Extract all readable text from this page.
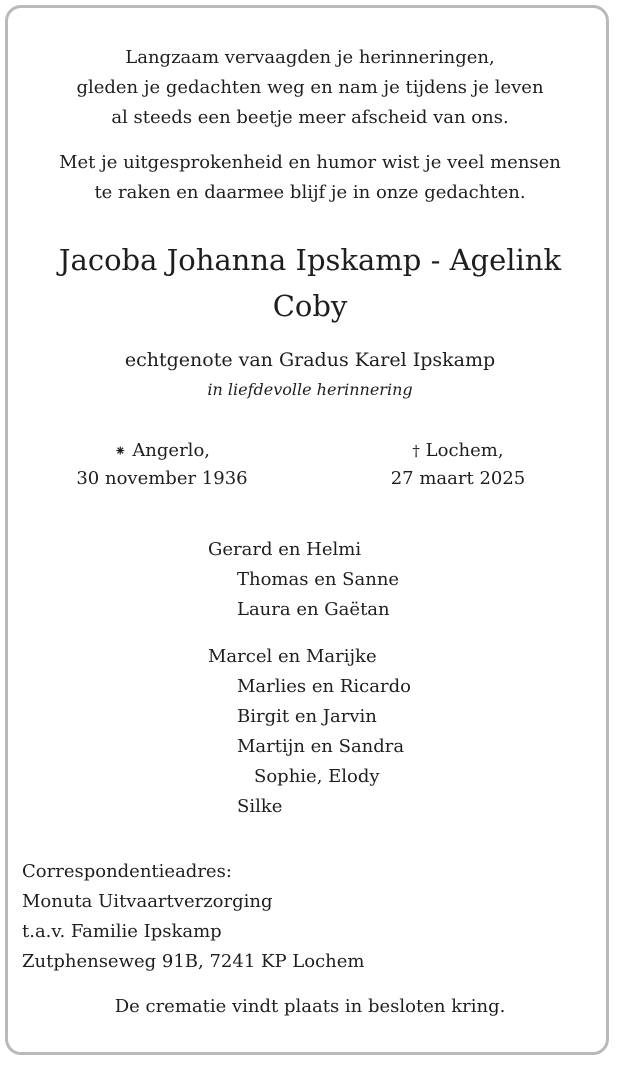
Langzaam vervaagden je herinneringen,
gleden je gedachten weg en nam je tijdens je leven
al steeds een beetje meer afscheid van ons.
Met je uitgesprokenheid en humor wist je veel mensen
te raken en daarmee blijf je in onze gedachten.
Jacoba Johanna Ipskamp - Agelink
Coby
echtgenote van Gradus Karel Ipskamp
in liefdevolle herinnering
⁕ Angerlo,
30 november 1936
† Lochem,
27 maart 2025
Gerard en Helmi
Thomas en Sanne
Laura en Gaëtan
Marcel en Marijke
Marlies en Ricardo
Birgit en Jarvin
Martijn en Sandra
Sophie, Elody
Silke
Correspondentieadres:
Monuta Uitvaartverzorging
t.a.v. Familie Ipskamp
Zutphenseweg 91B, 7241 KP Lochem
De crematie vindt plaats in besloten kring.
